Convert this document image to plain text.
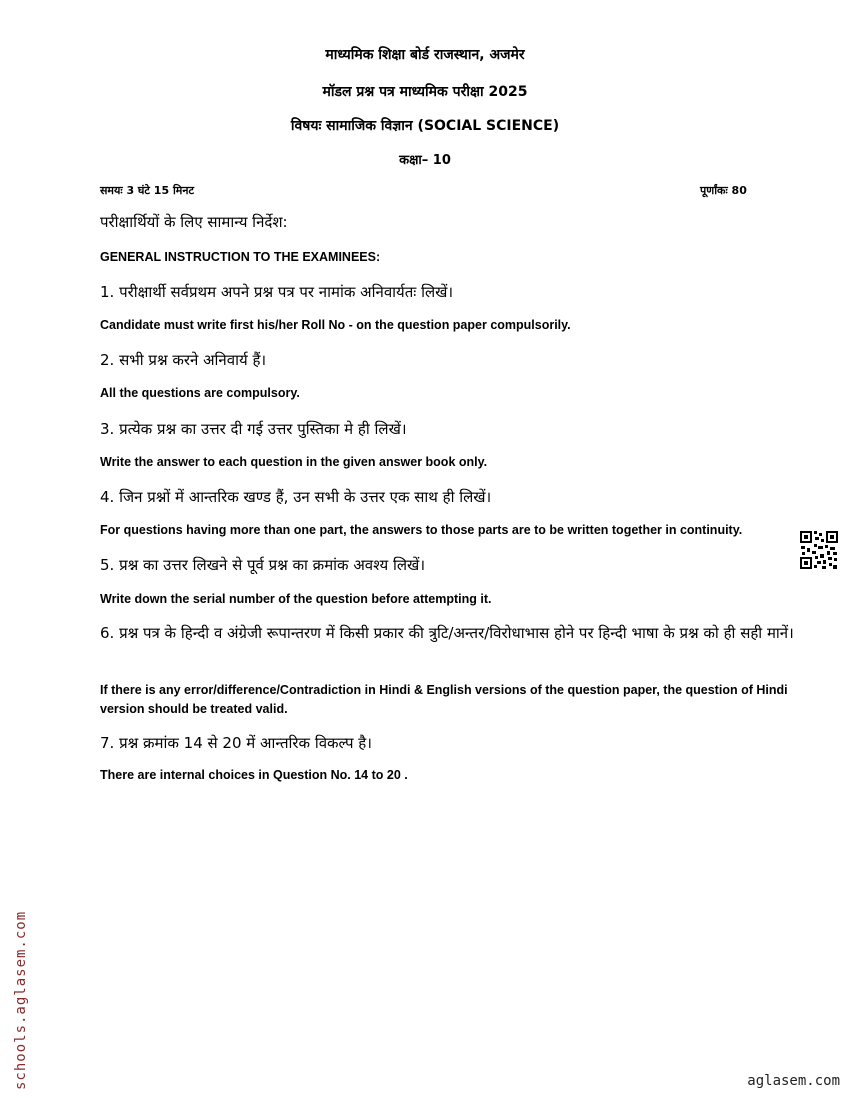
माध्यमिक शिक्षा बोर्ड राजस्थान, अजमेर
मॉडल प्रश्न पत्र माध्यमिक परीक्षा 2025
विषयः सामाजिक विज्ञान (SOCIAL SCIENCE)
कक्षा– 10
समयः 3 घंटे 15 मिनट	पूर्णांकः 80
परीक्षार्थियों के लिए सामान्य निर्देश:
GENERAL INSTRUCTION TO THE EXAMINEES:
1. परीक्षार्थी सर्वप्रथम अपने प्रश्न पत्र पर नामांक अनिवार्यतः लिखें।
Candidate must write first his/her Roll No - on the question paper compulsorily.
2. सभी प्रश्न करने अनिवार्य हैं।
All the questions are compulsory.
3. प्रत्येक प्रश्न का उत्तर दी गई उत्तर पुस्तिका मे ही लिखें।
Write the answer to each question in the given answer book only.
4. जिन प्रश्नों में आन्तरिक खण्ड हैं, उन सभी के उत्तर एक साथ ही लिखें।
For questions having more than one part, the answers to those parts are to be written together in continuity.
5. प्रश्न का उत्तर लिखने से पूर्व प्रश्न का क्रमांक अवश्य लिखें।
Write down the serial number of the question before attempting it.
6. प्रश्न पत्र के हिन्दी व अंग्रेजी रूपान्तरण में किसी प्रकार की त्रुटि/अन्तर/विरोधाभास होने पर हिन्दी भाषा के प्रश्न को ही सही मानें।
If there is any error/difference/Contradiction in Hindi & English versions of the question paper, the question of Hindi version should be treated valid.
7. प्रश्न क्रमांक 14 से 20 में आन्तरिक विकल्प है।
There are internal choices in Question No. 14 to 20 .
schools.aglasem.com	aglasem.com
